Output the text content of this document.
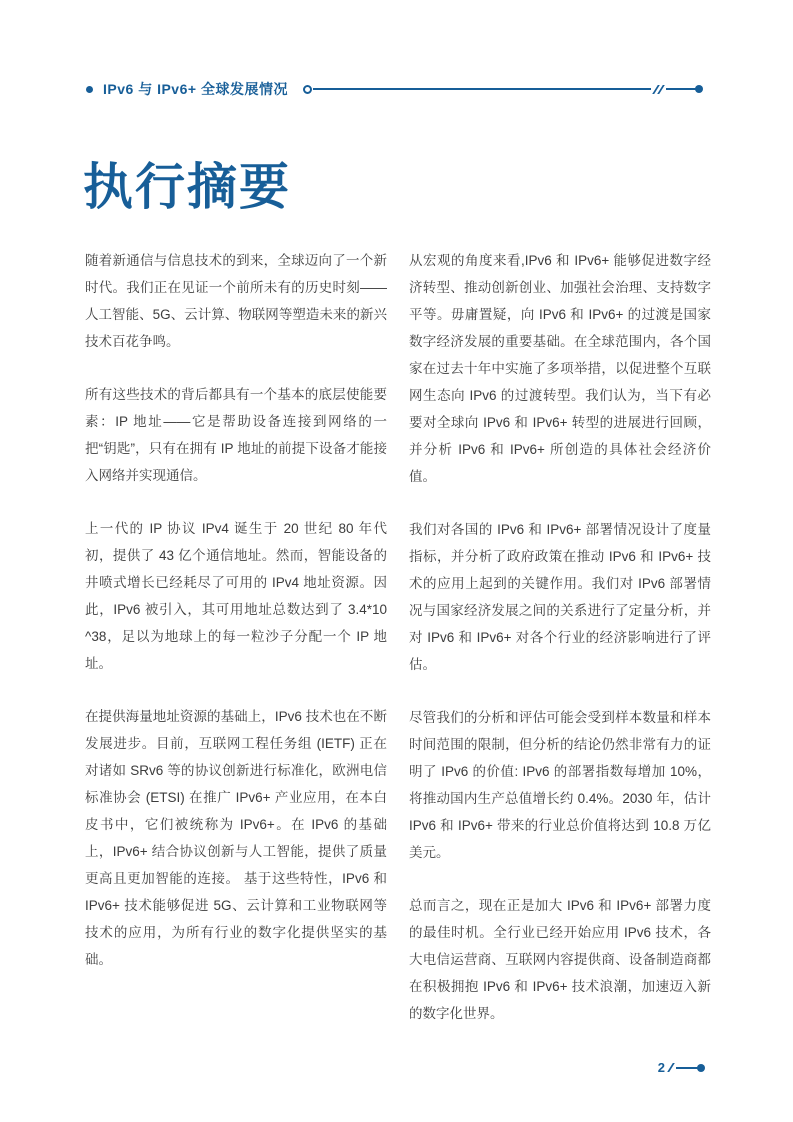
IPv6 与 IPv6+ 全球发展情况
执行摘要

随着新通信与信息技术的到来，全球迈向了一个新时代。我们正在见证一个前所未有的历史时刻——人工智能、5G、云计算、物联网等塑造未来的新兴技术百花争鸣。

所有这些技术的背后都具有一个基本的底层使能要素：IP 地址——它是帮助设备连接到网络的一把“钥匙”，只有在拥有 IP 地址的前提下设备才能接入网络并实现通信。

上一代的 IP 协议 IPv4 诞生于 20 世纪 80 年代初，提供了 43 亿个通信地址。然而，智能设备的井喷式增长已经耗尽了可用的 IPv4 地址资源。因此，IPv6 被引入，其可用地址总数达到了 3.4*10 ^38，足以为地球上的每一粒沙子分配一个 IP 地址。

在提供海量地址资源的基础上，IPv6 技术也在不断发展进步。目前，互联网工程任务组 (IETF) 正在对诸如 SRv6 等的协议创新进行标准化，欧洲电信标准协会 (ETSI) 在推广 IPv6+ 产业应用，在本白皮书中，它们被统称为 IPv6+。在 IPv6 的基础上，IPv6+ 结合协议创新与人工智能，提供了质量更高且更加智能的连接。 基于这些特性，IPv6 和 IPv6+ 技术能够促进 5G、云计算和工业物联网等技术的应用，为所有行业的数字化提供坚实的基础。

从宏观的角度来看,IPv6 和 IPv6+ 能够促进数字经济转型、推动创新创业、加强社会治理、支持数字平等。毋庸置疑，向 IPv6 和 IPv6+ 的过渡是国家数字经济发展的重要基础。在全球范围内，各个国家在过去十年中实施了多项举措，以促进整个互联网生态向 IPv6 的过渡转型。我们认为，当下有必要对全球向 IPv6 和 IPv6+ 转型的进展进行回顾，并分析 IPv6 和 IPv6+ 所创造的具体社会经济价值。

我们对各国的 IPv6 和 IPv6+ 部署情况设计了度量指标，并分析了政府政策在推动 IPv6 和 IPv6+ 技术的应用上起到的关键作用。我们对 IPv6 部署情况与国家经济发展之间的关系进行了定量分析，并对 IPv6 和 IPv6+ 对各个行业的经济影响进行了评估。

尽管我们的分析和评估可能会受到样本数量和样本时间范围的限制，但分析的结论仍然非常有力的证明了 IPv6 的价值: IPv6 的部署指数每增加 10%，将推动国内生产总值增长约 0.4%。2030 年，估计 IPv6 和 IPv6+ 带来的行业总价值将达到 10.8 万亿美元。

总而言之，现在正是加大 IPv6 和 IPv6+ 部署力度的最佳时机。全行业已经开始应用 IPv6 技术，各大电信运营商、互联网内容提供商、设备制造商都在积极拥抱 IPv6 和 IPv6+ 技术浪潮，加速迈入新的数字化世界。

2
